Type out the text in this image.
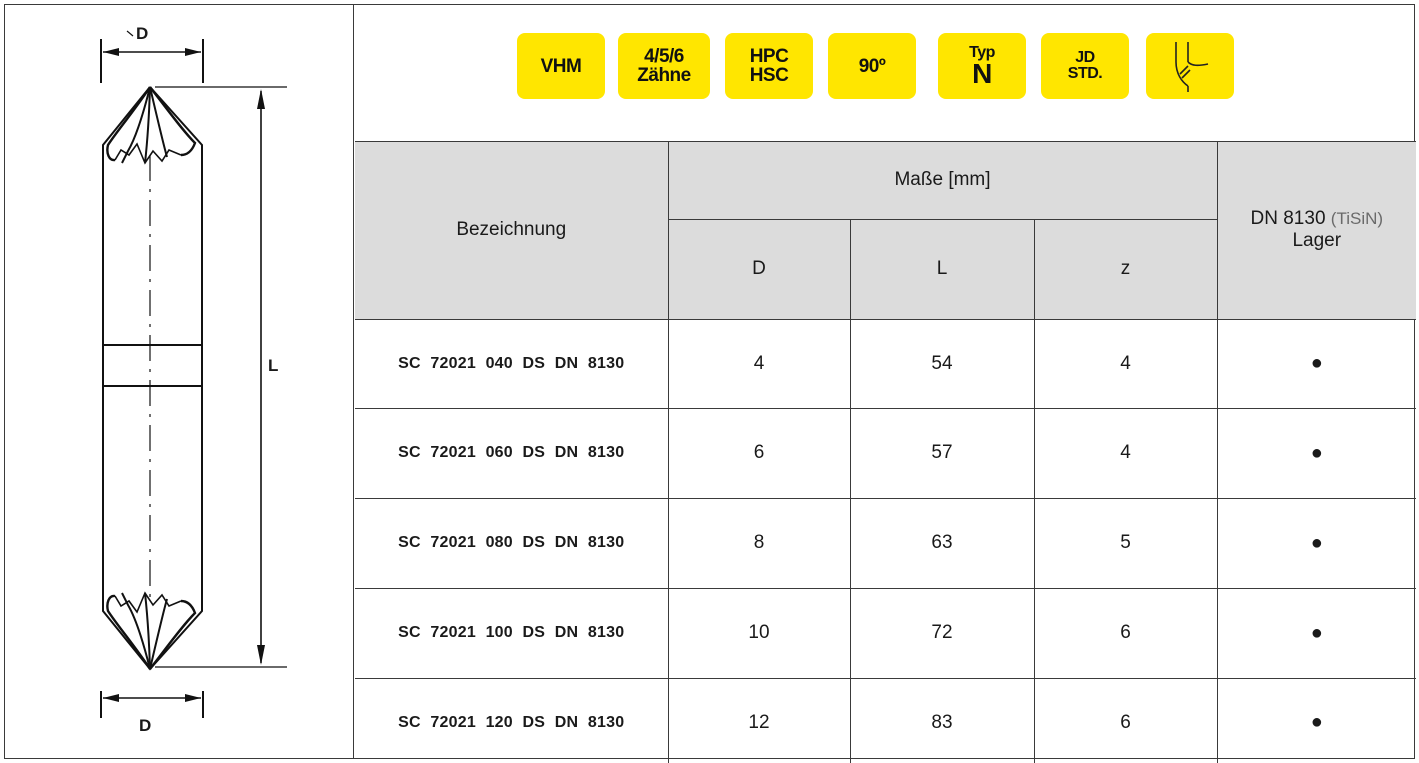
D
L
D
VHM	4/5/6
Zähne
HPC
HSC	90º
Typ
N
JD
STD.
Bezeichnung	Maße [mm]			DN 8130 (TiSiN)
Lager
	D	L	z	
SC 72021 040 DS DN 8130	4	54	4	●
SC 72021 060 DS DN 8130	6	57	4	●
SC 72021 080 DS DN 8130	8	63	5	●
SC 72021 100 DS DN 8130	10	72	6	●
SC 72021 120 DS DN 8130	12	83	6	●
